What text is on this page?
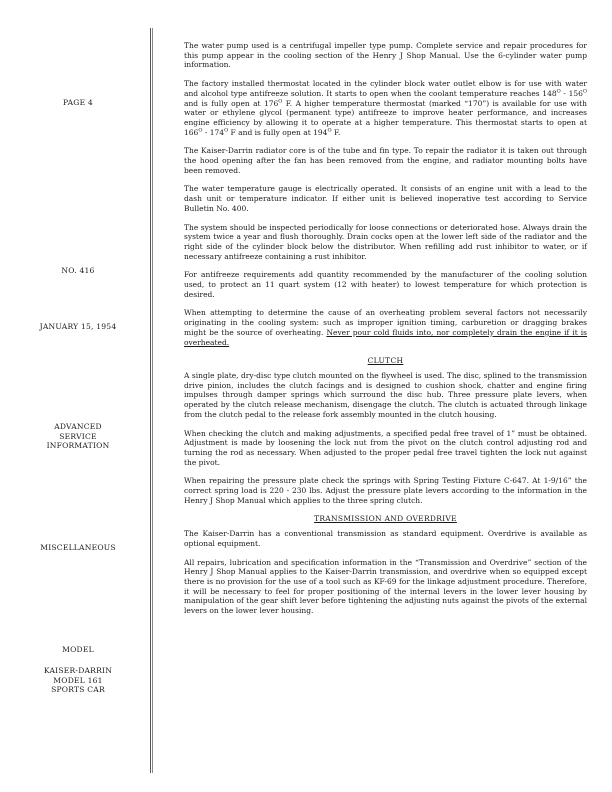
PAGE 4
NO. 416
JANUARY 15, 1954
ADVANCED
SERVICE
INFORMATION
MISCELLANEOUS
MODEL
KAISER-DARRIN
MODEL 161
SPORTS CAR

The water pump used is a centrifugal impeller type pump. Complete service and repair procedures for this pump appear in the cooling section of the Henry J Shop Manual. Use the 6-cylinder water pump information.

The factory installed thermostat located in the cylinder block water outlet elbow is for use with water and alcohol type antifreeze solution. It starts to open when the coolant temperature reaches $148^O - 156^O$ and is fully open at $176^O$ F. A higher temperature thermostat (marked “170”) is available for use with water or ethylene glycol (permanent type) antifreeze to improve heater performance, and increases engine efficiency by allowing it to operate at a higher temperature. This thermostat starts to open at $166^O - 174^O$ F and is fully open at $194^O$ F.

The Kaiser-Darrin radiator core is of the tube and fin type. To repair the radiator it is taken out through the hood opening after the fan has been removed from the engine, and radiator mounting bolts have been removed.

The water temperature gauge is electrically operated. It consists of an engine unit with a lead to the dash unit or temperature indicator. If either unit is believed inoperative test according to Service Bulletin No. 400.

The system should be inspected periodically for loose connections or deteriorated hose. Always drain the system twice a year and flush thoroughly. Drain cocks open at the lower left side of the radiator and the right side of the cylinder block below the distributor. When refilling add rust inhibitor to water, or if necessary antifreeze containing a rust inhibitor.

For antifreeze requirements add quantity recommended by the manufacturer of the cooling solution used, to protect an 11 quart system (12 with heater) to lowest temperature for which protection is desired.

When attempting to determine the cause of an overheating problem several factors not necessarily originating in the cooling system: such as improper ignition timing, carburetion or dragging brakes might be the source of overheating. Never pour cold fluids into, nor completely drain the engine if it is overheated.

CLUTCH

A single plate, dry-disc type clutch mounted on the flywheel is used. The disc, splined to the transmission drive pinion, includes the clutch facings and is designed to cushion shock, chatter and engine firing impulses through damper springs which surround the disc hub. Three pressure plate levers, when operated by the clutch release mechanism, disengage the clutch. The clutch is actuated through linkage from the clutch pedal to the release fork assembly mounted in the clutch housing.

When checking the clutch and making adjustments, a specified pedal free travel of 1” must be obtained. Adjustment is made by loosening the lock nut from the pivot on the clutch control adjusting rod and turning the rod as necessary. When adjusted to the proper pedal free travel tighten the lock nut against the pivot.

When repairing the pressure plate check the springs with Spring Testing Fixture C-647. At 1-9/16” the correct spring load is 220 - 230 lbs. Adjust the pressure plate levers according to the information in the Henry J Shop Manual which applies to the three spring clutch.

TRANSMISSION AND OVERDRIVE

The Kaiser-Darrin has a conventional transmission as standard equipment. Overdrive is available as optional equipment.

All repairs, lubrication and specification information in the “Transmission and Overdrive” section of the Henry J Shop Manual applies to the Kaiser-Darrin transmission, and overdrive when so equipped except there is no provision for the use of a tool such as KF-69 for the linkage adjustment procedure. Therefore, it will be necessary to feel for proper positioning of the internal levers in the lower lever housing by manipulation of the gear shift lever before tightening the adjusting nuts against the pivots of the external levers on the lower lever housing.
